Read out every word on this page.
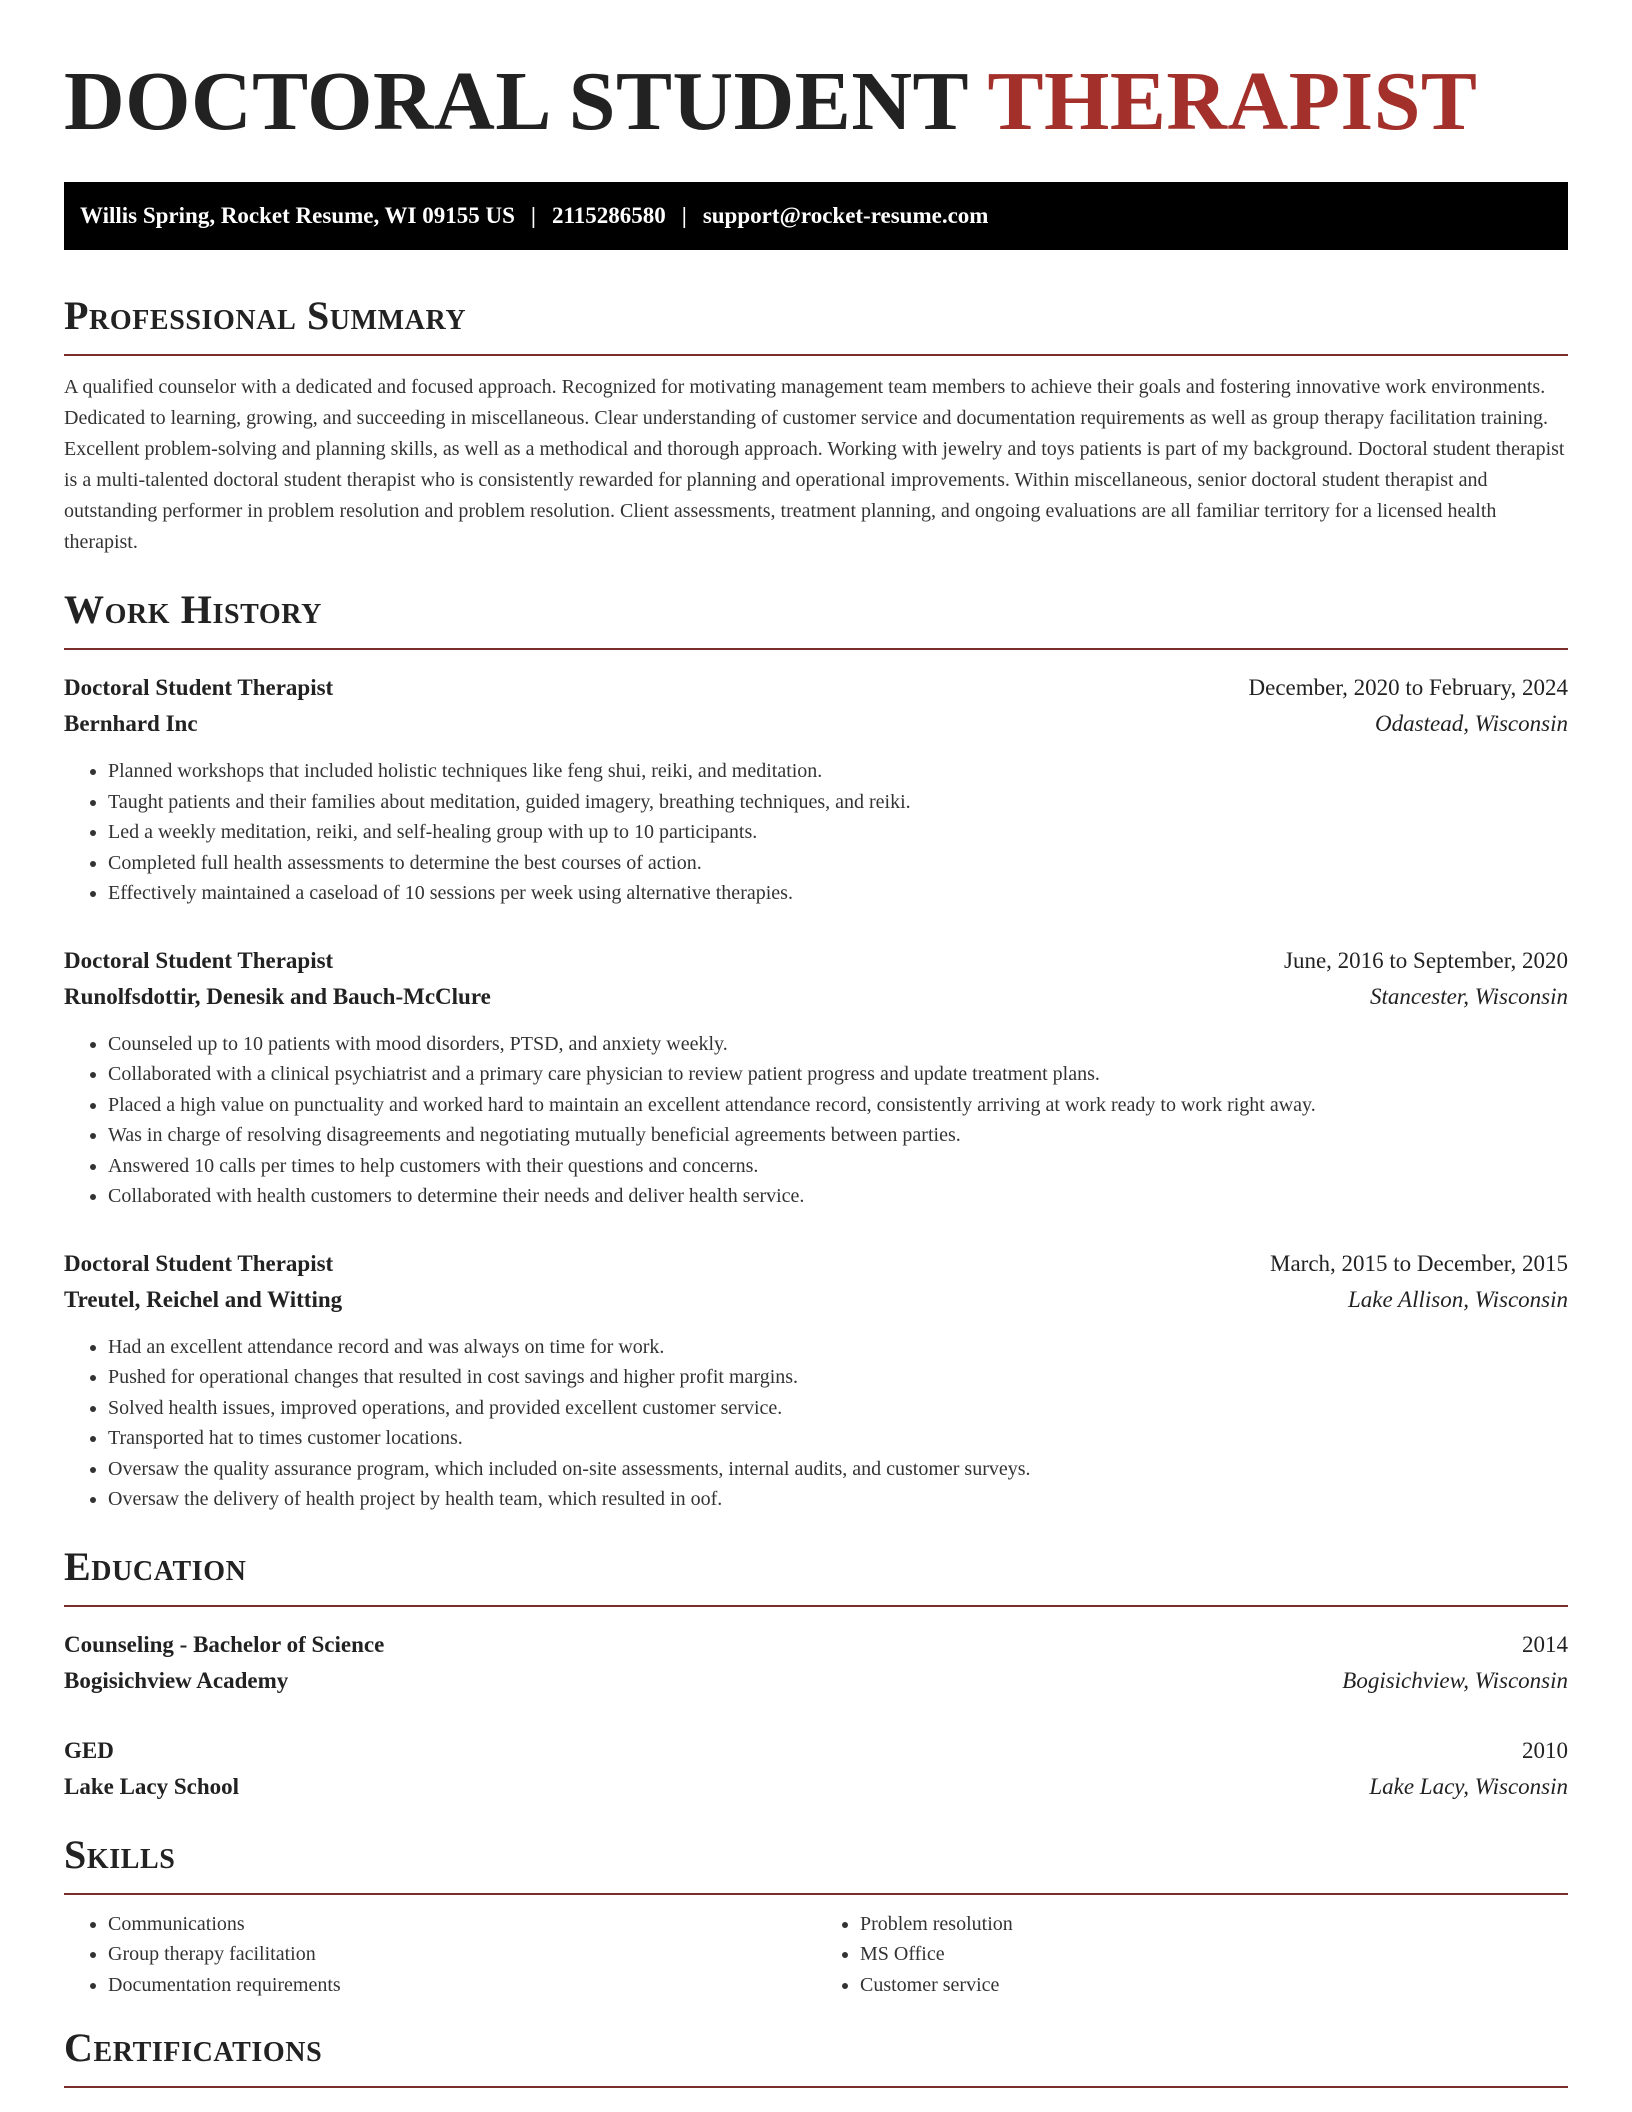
DOCTORAL STUDENT THERAPIST
Willis Spring, Rocket Resume, WI 09155 US | 2115286580 | support@rocket-resume.com
Professional Summary

A qualified counselor with a dedicated and focused approach. Recognized for motivating management team members to achieve their goals and fostering innovative work environments. Dedicated to learning, growing, and succeeding in miscellaneous. Clear understanding of customer service and documentation requirements as well as group therapy facilitation training. Excellent problem-solving and planning skills, as well as a methodical and thorough approach. Working with jewelry and toys patients is part of my background. Doctoral student therapist is a multi-talented doctoral student therapist who is consistently rewarded for planning and operational improvements. Within miscellaneous, senior doctoral student therapist and outstanding performer in problem resolution and problem resolution. Client assessments, treatment planning, and ongoing evaluations are all familiar territory for a licensed health therapist.

Work History
Doctoral Student Therapist	December, 2020 to February, 2024
Bernhard Inc	Odastead, Wisconsin
• Planned workshops that included holistic techniques like feng shui, reiki, and meditation.
• Taught patients and their families about meditation, guided imagery, breathing techniques, and reiki.
• Led a weekly meditation, reiki, and self-healing group with up to 10 participants.
• Completed full health assessments to determine the best courses of action.
• Effectively maintained a caseload of 10 sessions per week using alternative therapies.
Doctoral Student Therapist	June, 2016 to September, 2020
Runolfsdottir, Denesik and Bauch-McClure	Stancester, Wisconsin
• Counseled up to 10 patients with mood disorders, PTSD, and anxiety weekly.
• Collaborated with a clinical psychiatrist and a primary care physician to review patient progress and update treatment plans.
• Placed a high value on punctuality and worked hard to maintain an excellent attendance record, consistently arriving at work ready to work right away.
• Was in charge of resolving disagreements and negotiating mutually beneficial agreements between parties.
• Answered 10 calls per times to help customers with their questions and concerns.
• Collaborated with health customers to determine their needs and deliver health service.
Doctoral Student Therapist	March, 2015 to December, 2015
Treutel, Reichel and Witting	Lake Allison, Wisconsin
• Had an excellent attendance record and was always on time for work.
• Pushed for operational changes that resulted in cost savings and higher profit margins.
• Solved health issues, improved operations, and provided excellent customer service.
• Transported hat to times customer locations.
• Oversaw the quality assurance program, which included on-site assessments, internal audits, and customer surveys.
• Oversaw the delivery of health project by health team, which resulted in oof.
Education
Counseling - Bachelor of Science	2014
Bogisichview Academy	Bogisichview, Wisconsin
GED	2010
Lake Lacy School	Lake Lacy, Wisconsin
Skills
• Communications
• Group therapy facilitation
• Documentation requirements
• Problem resolution
• MS Office
• Customer service
Certifications
